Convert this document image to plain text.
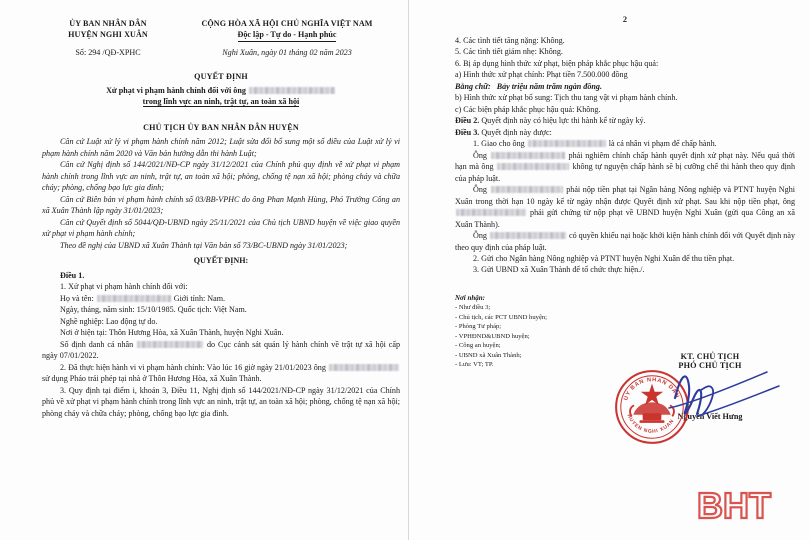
ỦY BAN NHÂN DÂN
HUYỆN NGHI XUÂN
CỘNG HÒA XÃ HỘI CHỦ NGHĨA VIỆT NAM
Độc lập - Tự do - Hạnh phúc
Số: 294 /QĐ-XPHC	Nghi Xuân, ngày 01 tháng 02 năm 2023
QUYẾT ĐỊNH
Xử phạt vi phạm hành chính đối với ông
trong lĩnh vực an ninh, trật tự, an toàn xã hội
CHỦ TỊCH ỦY BAN NHÂN DÂN HUYỆN

Căn cứ Luật xử lý vi phạm hành chính năm 2012; Luật sửa đổi bổ sung một số điều của Luật xử lý vi phạm hành chính năm 2020 và Văn bản hướng dẫn thi hành Luật;

Căn cứ Nghị định số 144/2021/NĐ-CP ngày 31/12/2021 của Chính phủ quy định về xử phạt vi phạm hành chính trong lĩnh vực an ninh, trật tự, an toàn xã hội; phòng, chống tệ nạn xã hội; phòng cháy và chữa cháy; phòng, chống bạo lực gia đình;

Căn cứ Biên bản vi phạm hành chính số 03/BB-VPHC do ông Phan Mạnh Hùng, Phó Trưởng Công an xã Xuân Thành lập ngày 31/01/2023;

Căn cứ Quyết định số 5044/QĐ-UBND ngày 25/11/2021 của Chủ tịch UBND huyện về việc giao quyền xử phạt vi phạm hành chính;

Theo đề nghị của UBND xã Xuân Thành tại Văn bản số 73/BC-UBND ngày 31/01/2023;

QUYẾT ĐỊNH:
Điều 1.

1. Xử phạt vi phạm hành chính đối với:

Họ và tên:	Giới tính: Nam.

Ngày, tháng, năm sinh: 15/10/1985. Quốc tịch: Việt Nam.

Nghề nghiệp: Lao động tự do.

Nơi ở hiện tại: Thôn Hương Hòa, xã Xuân Thành, huyện Nghi Xuân.

Số định danh cá nhân	do Cục cảnh sát quản lý hành chính về trật tự xã hội cấp ngày 07/01/2022.

2. Đã thực hiện hành vi vi phạm hành chính: Vào lúc 16 giờ ngày 21/01/2023 ông  sử dụng Pháo trái phép tại nhà ở Thôn Hương Hòa, xã Xuân Thành.

3. Quy định tại điểm i, khoản 3, Điều 11, Nghị định số 144/2021/NĐ-CP ngày 31/12/2021 của Chính phủ về xử phạt vi phạm hành chính trong lĩnh vực an ninh, trật tự, an toàn xã hội; phòng, chống tệ nạn xã hội; phòng cháy và chữa cháy; phòng, chống bạo lực gia đình.

2

4. Các tình tiết tăng nặng: Không.

5. Các tình tiết giảm nhẹ: Không.

6. Bị áp dụng hình thức xử phạt, biện pháp khắc phục hậu quả:

a) Hình thức xử phạt chính: Phạt tiền 7.500.000 đồng

Bằng chữ: Bảy triệu năm trăm ngàn đồng.

b) Hình thức xử phạt bổ sung: Tịch thu tang vật vi phạm hành chính.

c) Các biện pháp khắc phục hậu quả: Không.

Điều 2. Quyết định này có hiệu lực thi hành kể từ ngày ký.

Điều 3. Quyết định này được:

1. Giao cho ông	là cá nhân vi phạm để chấp hành.

Ông	phải nghiêm chỉnh chấp hành quyết định xử phạt này. Nếu quá thời hạn mà ông	không tự nguyện chấp hành sẽ bị cưỡng chế thi hành theo quy định của pháp luật.

Ông	phải nộp tiền phạt tại Ngân hàng Nông nghiệp và PTNT huyện Nghi Xuân trong thời hạn 10 ngày kể từ ngày nhận được Quyết định xử phạt. Sau khi nộp tiền phạt, ông  phải gửi chứng từ nộp phạt về UBND huyện Nghi Xuân (gửi qua Công an xã Xuân Thành).

Ông	có quyền khiếu nại hoặc khởi kiện hành chính đối với Quyết định này theo quy định của pháp luật.

2. Gửi cho Ngân hàng Nông nghiệp và PTNT huyện Nghi Xuân để thu tiền phạt.

3. Gửi UBND xã Xuân Thành để tổ chức thực hiện./.

Nơi nhận:
- Như điều 3;
- Chủ tịch, các PCT UBND huyện;
- Phòng Tư pháp;
- VPHĐND&UBND huyện;
- Công an huyện;
- UBND xã Xuân Thành;
- Lưu: VT; TP.
KT. CHỦ TỊCH
PHÓ CHỦ TỊCH
UY BAN NHAN DAN
HUYEN NGHI XUAN
Nguyễn Viết Hưng
BHT
